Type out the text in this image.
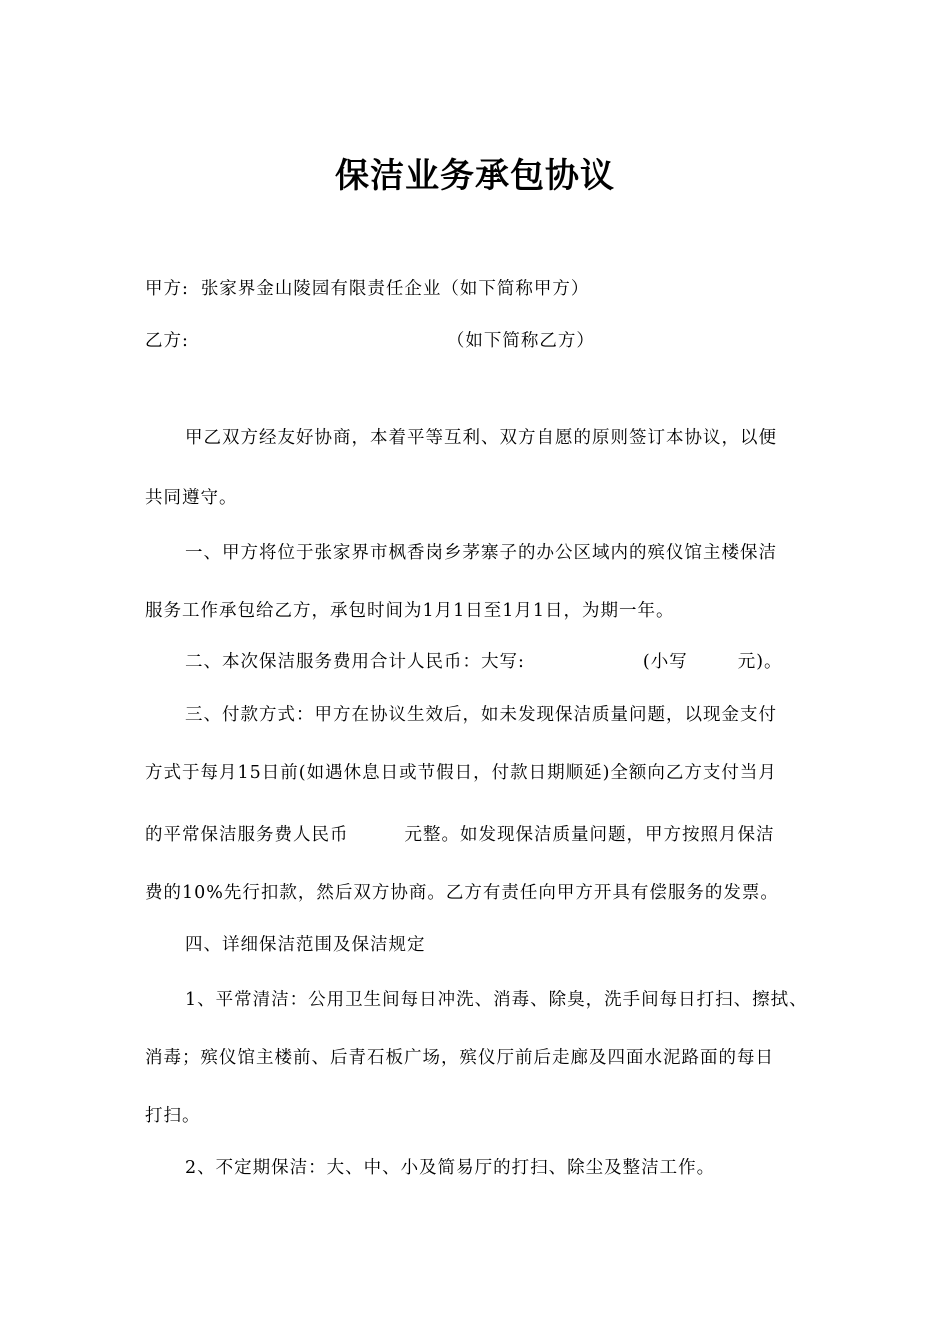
保洁业务承包协议
甲方: 张家界金山陵园有限责任企业（如下简称甲方）
乙方:	（如下简称乙方）
甲乙双方经友好协商，本着平等互利、双方自愿的原则签订本协议，以便
共同遵守。
一、甲方将位于张家界市枫香岗乡茅寨子的办公区域内的殡仪馆主楼保洁
服务工作承包给乙方，承包时间为1月1日至1月1日，为期一年。
二、本次保洁服务费用合计人民币：大写:	(小写	元)。
三、付款方式：甲方在协议生效后，如未发现保洁质量问题，以现金支付
方式于每月15日前(如遇休息日或节假日，付款日期顺延)全额向乙方支付当月
的平常保洁服务费人民币	元整。如发现保洁质量问题，甲方按照月保洁
费的10%先行扣款，然后双方协商。乙方有责任向甲方开具有偿服务的发票。
四、详细保洁范围及保洁规定
1、平常清洁：公用卫生间每日冲洗、消毒、除臭，洗手间每日打扫、擦拭、
消毒；殡仪馆主楼前、后青石板广场，殡仪厅前后走廊及四面水泥路面的每日
打扫。
2、不定期保洁：大、中、小及简易厅的打扫、除尘及整洁工作。
